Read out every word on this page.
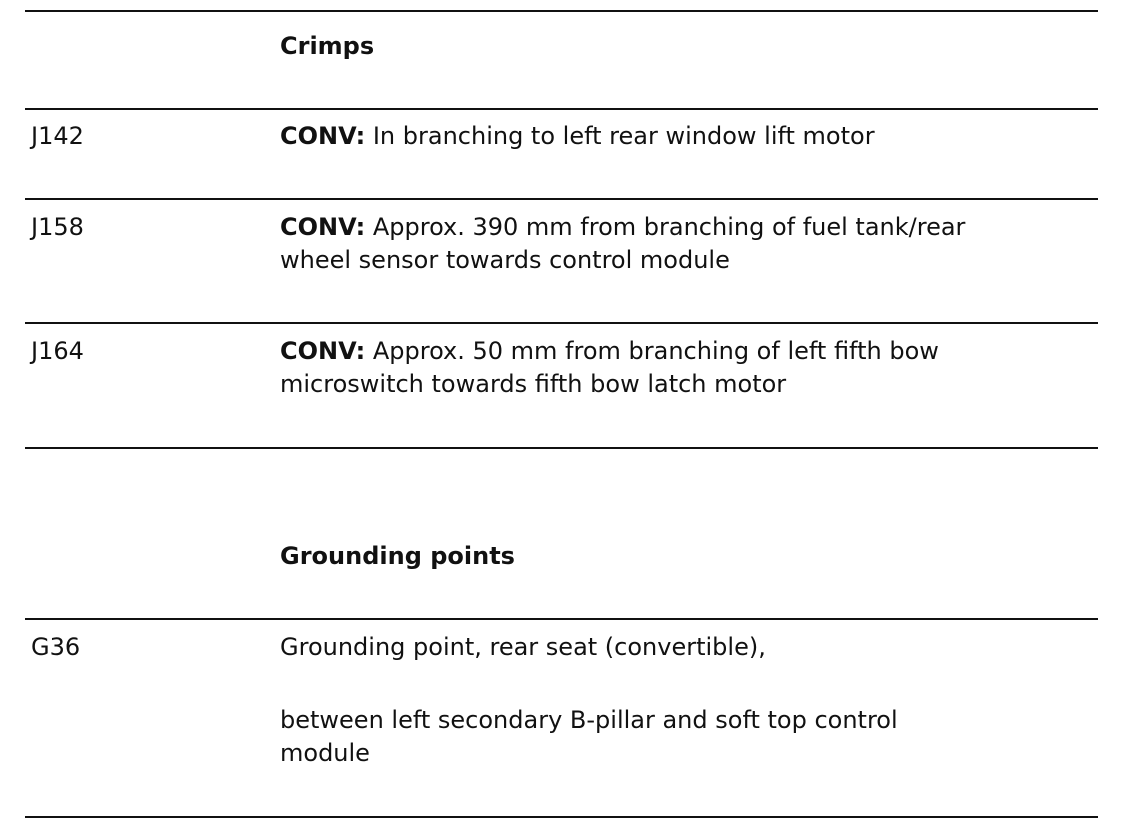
Crimps
J142	CONV: In branching to left rear window lift motor
J158	CONV: Approx. 390 mm from branching of fuel tank/rear
wheel sensor towards control module
J164	CONV: Approx. 50 mm from branching of left fifth bow
microswitch towards fifth bow latch motor
Grounding points
G36	Grounding point, rear seat (convertible),
between left secondary B-pillar and soft top control
module
